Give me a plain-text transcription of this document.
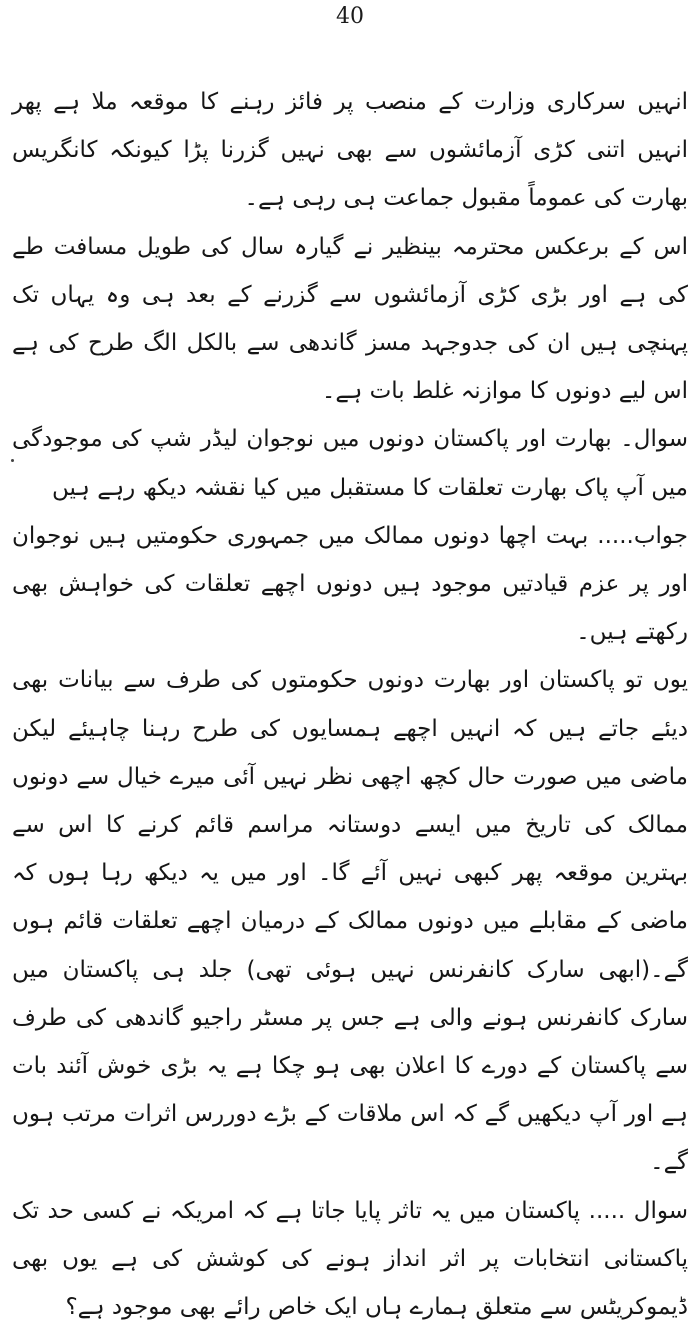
40

انہیں سرکاری وزارت کے منصب پر فائز رہنے کا موقعہ ملا ہے پھر انہیں اتنی کڑی آزمائشوں سے بھی نہیں گزرنا پڑا کیونکہ کانگریس بھارت کی عموماً مقبول جماعت ہی رہی ہے۔

اس کے برعکس محترمہ بینظیر نے گیارہ سال کی طویل مسافت طے کی ہے اور بڑی کڑی آزمائشوں سے گزرنے کے بعد ہی وہ یہاں تک پہنچی ہیں ان کی جدوجہد مسز گاندھی سے بالکل الگ طرح کی ہے اس لیے دونوں کا موازنہ غلط بات ہے۔

سوال۔ بھارت اور پاکستان دونوں میں نوجوان لیڈر شپ کی موجودگی میں آپ پاک بھارت تعلقات کا مستقبل میں کیا نقشہ دیکھ رہے ہیں

جواب..... بہت اچھا دونوں ممالک میں جمہوری حکومتیں ہیں نوجوان اور پر عزم قیادتیں موجود ہیں دونوں اچھے تعلقات کی خواہش بھی رکھتے ہیں۔

یوں تو پاکستان اور بھارت دونوں حکومتوں کی طرف سے بیانات بھی دیئے جاتے ہیں کہ انہیں اچھے ہمسایوں کی طرح رہنا چاہیئے لیکن ماضی میں صورت حال کچھ اچھی نظر نہیں آئی میرے خیال سے دونوں ممالک کی تاریخ میں ایسے دوستانہ مراسم قائم کرنے کا اس سے بہترین موقعہ پھر کبھی نہیں آئے گا۔ اور میں یہ دیکھ رہا ہوں کہ ماضی کے مقابلے میں دونوں ممالک کے درمیان اچھے تعلقات قائم ہوں گے۔(ابھی سارک کانفرنس نہیں ہوئی تھی) جلد ہی پاکستان میں سارک کانفرنس ہونے والی ہے جس پر مسٹر راجیو گاندھی کی طرف سے پاکستان کے دورے کا اعلان بھی ہو چکا ہے یہ بڑی خوش آئند بات ہے اور آپ دیکھیں گے کہ اس ملاقات کے بڑے دوررس اثرات مرتب ہوں گے۔

سوال ..... پاکستان میں یہ تاثر پایا جاتا ہے کہ امریکہ نے کسی حد تک پاکستانی انتخابات پر اثر انداز ہونے کی کوشش کی ہے یوں بھی ڈیموکریٹس سے متعلق ہمارے ہاں ایک خاص رائے بھی موجود ہے؟
